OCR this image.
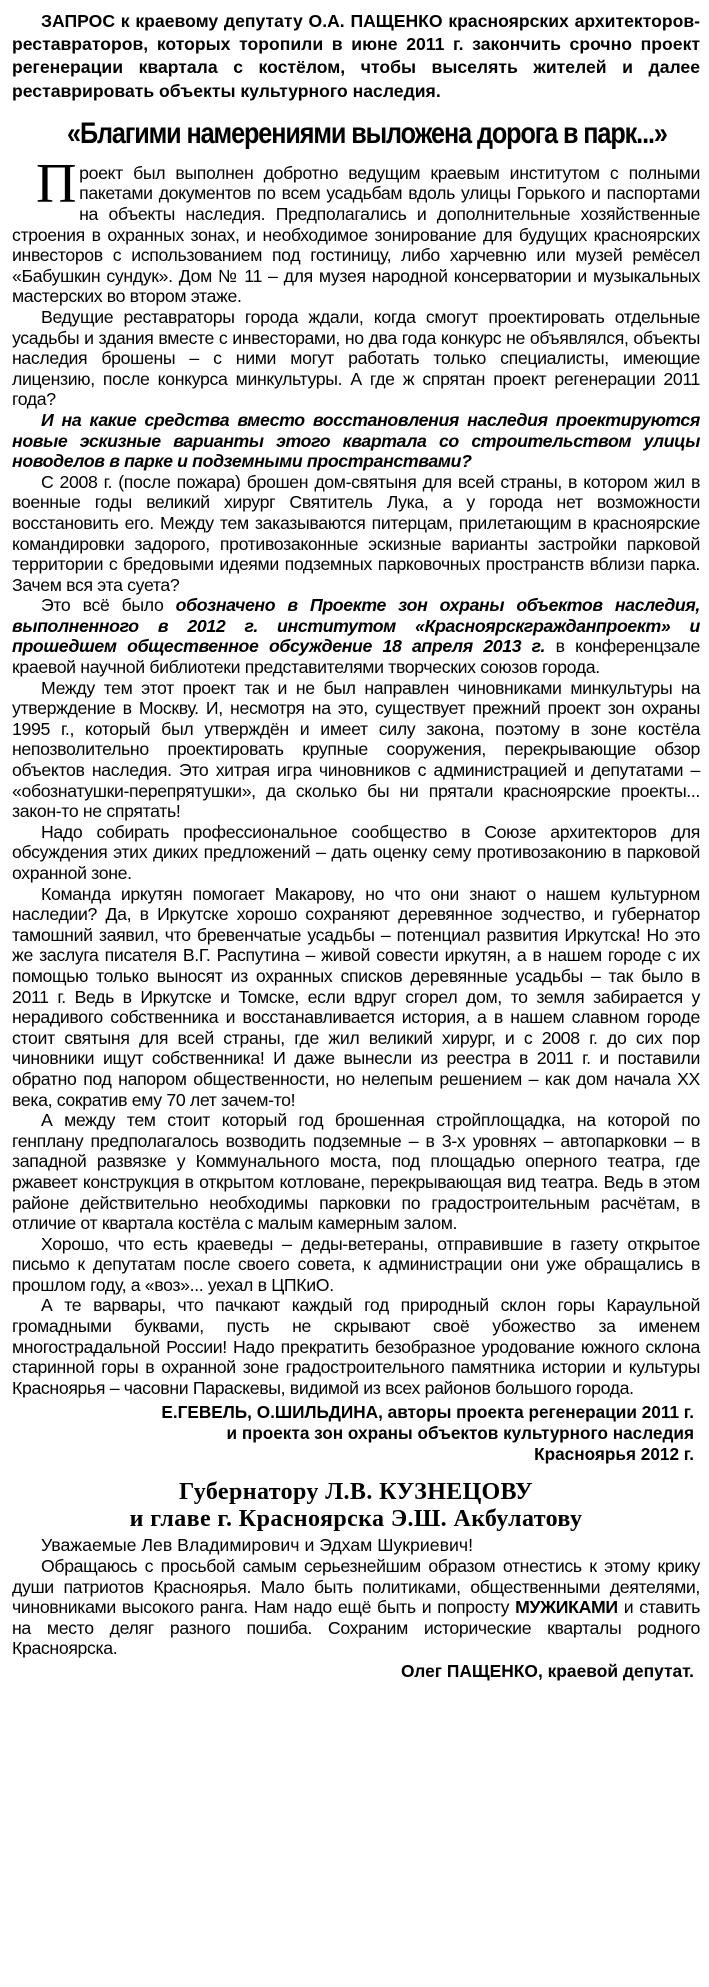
ЗАПРОС к краевому депутату О.А. ПАЩЕНКО красноярских архитекторов-реставраторов, которых торопили в июне 2011 г. закончить срочно проект регенерации квартала с костёлом, чтобы выселять жителей и далее реставрировать объекты культурного наследия.

«Благими намерениями выложена дорога в парк...»

Проект был выполнен добротно ведущим краевым институтом с полными пакетами документов по всем усадьбам вдоль улицы Горького и паспортами на объекты наследия. Предполагались и дополнительные хозяйственные строения в охранных зонах, и необходимое зонирование для будущих красноярских инвесторов с использованием под гостиницу, либо харчевню или музей ремёсел «Бабушкин сундук». Дом № 11 – для музея народной консерватории и музыкальных мастерских во втором этаже.

Ведущие реставраторы города ждали, когда смогут проектировать отдельные усадьбы и здания вместе с инвесторами, но два года конкурс не объявлялся, объекты наследия брошены – с ними могут работать только специалисты, имеющие лицензию, после конкурса минкультуры. А где ж спрятан проект регенерации 2011 года?

И на какие средства вместо восстановления наследия проектируются новые эскизные варианты этого квартала со строительством улицы новоделов в парке и подземными пространствами?

С 2008 г. (после пожара) брошен дом-святыня для всей страны, в котором жил в военные годы великий хирург Святитель Лука, а у города нет возможности восстановить его. Между тем заказываются питерцам, прилетающим в красноярские командировки задорого, противозаконные эскизные варианты застройки парковой территории с бредовыми идеями подземных парковочных пространств вблизи парка. Зачем вся эта суета?

Это всё было обозначено в Проекте зон охраны объектов наследия, выполненного в 2012 г. институтом «Красноярскгражданпроект» и прошедшем общественное обсуждение 18 апреля 2013 г. в конференцзале краевой научной библиотеки представителями творческих союзов города.

Между тем этот проект так и не был направлен чиновниками минкультуры на утверждение в Москву. И, несмотря на это, существует прежний проект зон охраны 1995 г., который был утверждён и имеет силу закона, поэтому в зоне костёла непозволительно проектировать крупные сооружения, перекрывающие обзор объектов наследия. Это хитрая игра чиновников с администрацией и депутатами – «обознатушки-перепрятушки», да сколько бы ни прятали красноярские проекты... закон-то не спрятать!

Надо собирать профессиональное сообщество в Союзе архитекторов для обсуждения этих диких предложений – дать оценку сему противозаконию в парковой охранной зоне.

Команда иркутян помогает Макарову, но что они знают о нашем культурном наследии? Да, в Иркутске хорошо сохраняют деревянное зодчество, и губернатор тамошний заявил, что бревенчатые усадьбы – потенциал развития Иркутска! Но это же заслуга писателя В.Г. Распутина – живой совести иркутян, а в нашем городе с их помощью только выносят из охранных списков деревянные усадьбы – так было в 2011 г. Ведь в Иркутске и Томске, если вдруг сгорел дом, то земля забирается у нерадивого собственника и восстанавливается история, а в нашем славном городе стоит святыня для всей страны, где жил великий хирург, и с 2008 г. до сих пор чиновники ищут собственника! И даже вынесли из реестра в 2011 г. и поставили обратно под напором общественности, но нелепым решением – как дом начала XX века, сократив ему 70 лет зачем-то!

А между тем стоит который год брошенная стройплощадка, на которой по генплану предполагалось возводить подземные – в 3-х уровнях – автопарковки – в западной развязке у Коммунального моста, под площадью оперного театра, где ржавеет конструкция в открытом котловане, перекрывающая вид театра. Ведь в этом районе действительно необходимы парковки по градостроительным расчётам, в отличие от квартала костёла с малым камерным залом.

Хорошо, что есть краеведы – деды-ветераны, отправившие в газету открытое письмо к депутатам после своего совета, к администрации они уже обращались в прошлом году, а «воз»... уехал в ЦПКиО.

А те варвары, что пачкают каждый год природный склон горы Караульной громадными буквами, пусть не скрывают своё убожество за именем многострадальной России! Надо прекратить безобразное уродование южного склона старинной горы в охранной зоне градостроительного памятника истории и культуры Красноярья – часовни Параскевы, видимой из всех районов большого города.

Е.ГЕВЕЛЬ, О.ШИЛЬДИНА, авторы проекта регенерации 2011 г.
и проекта зон охраны объектов культурного наследия
Красноярья 2012 г.
Губернатору Л.В. КУЗНЕЦОВУ
и главе г. Красноярска Э.Ш. Акбулатову
Уважаемые Лев Владимирович и Эдхам Шукриевич!

Обращаюсь с просьбой самым серьезнейшим образом отнестись к этому крику души патриотов Красноярья. Мало быть политиками, общественными деятелями, чиновниками высокого ранга. Нам надо ещё быть и попросту МУЖИКАМИ и ставить на место деляг разного пошиба. Сохраним исторические кварталы родного Красноярска.

Олег ПАЩЕНКО, краевой депутат.
